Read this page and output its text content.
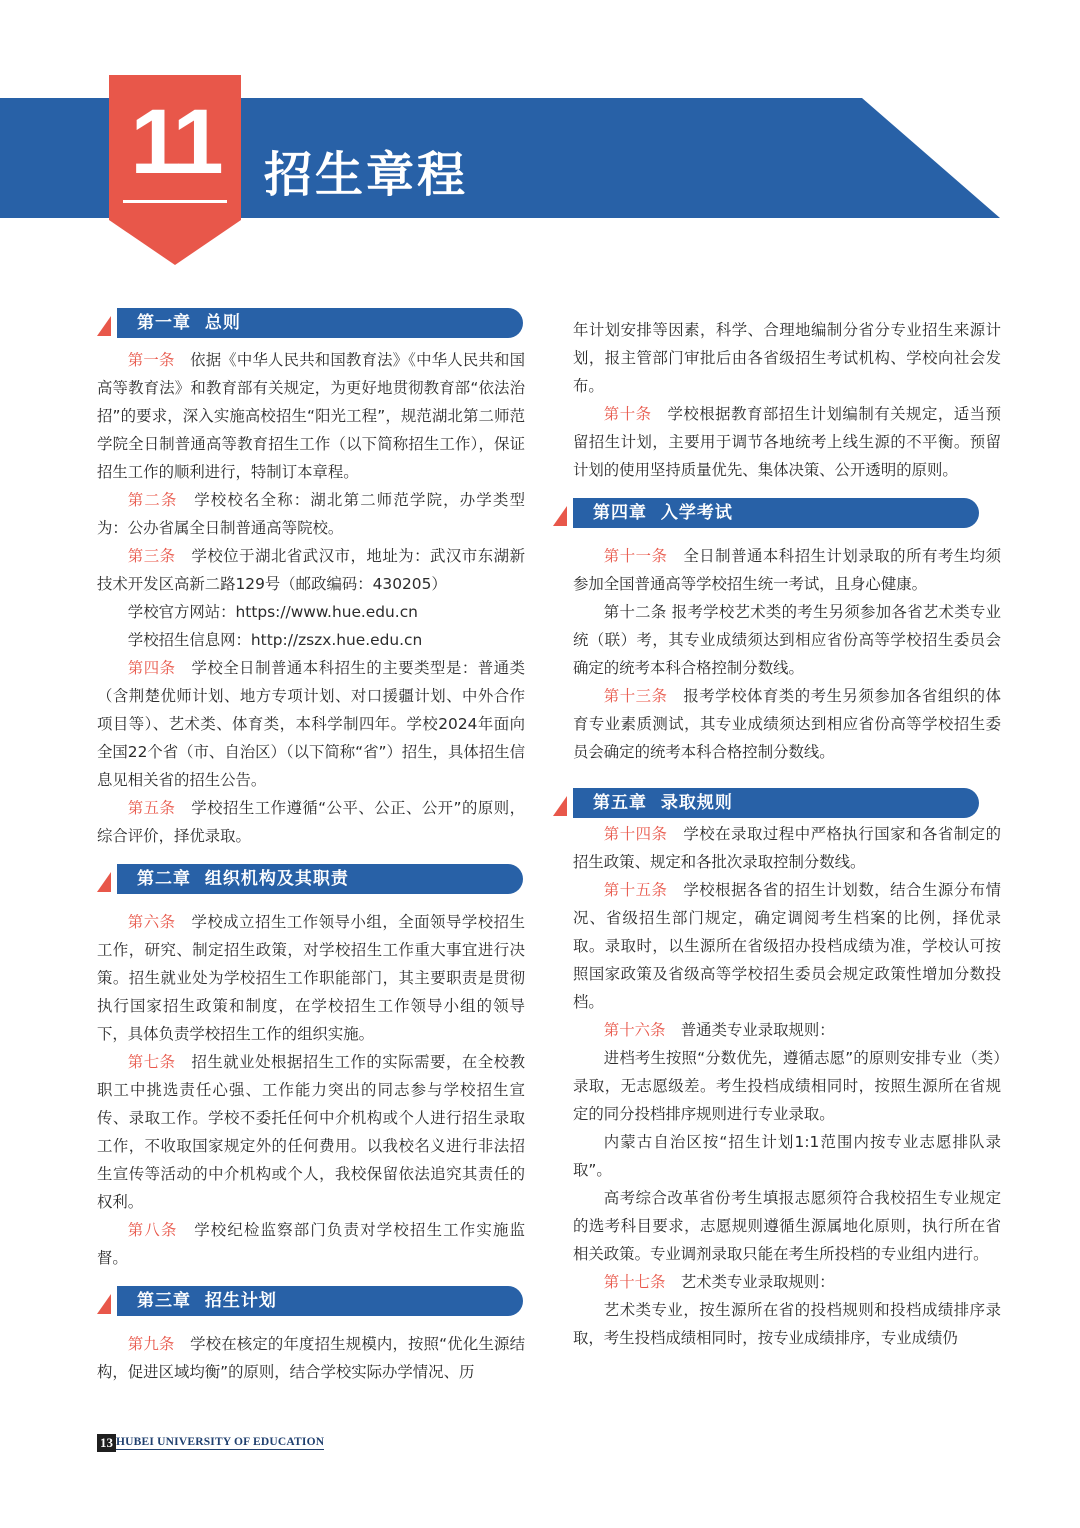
11 招生章程
第一章  总则

第一条　 依据《中华人民共和国教育法》《中华人民共和国高等教育法》和教育部有关规定，为更好地贯彻教育部“依法治招”的要求，深入实施高校招生“阳光工程”，规范湖北第二师范学院全日制普通高等教育招生工作（以下简称招生工作），保证招生工作的顺利进行，特制订本章程。

第二条　 学校校名全称：湖北第二师范学院，办学类型为：公办省属全日制普通高等院校。

第三条　 学校位于湖北省武汉市，地址为：武汉市东湖新技术开发区高新二路129号（邮政编码：430205）

学校官方网站：https://www.hue.edu.cn

学校招生信息网：http://zszx.hue.edu.cn

第四条　 学校全日制普通本科招生的主要类型是：普通类（含荆楚优师计划、地方专项计划、对口援疆计划、中外合作项目等）、艺术类、体育类，本科学制四年。学校2024年面向全国22个省（市、自治区）（以下简称“省”）招生，具体招生信息见相关省的招生公告。

第五条　 学校招生工作遵循“公平、公正、公开”的原则，综合评价，择优录取。

第二章  组织机构及其职责

第六条　 学校成立招生工作领导小组，全面领导学校招生工作，研究、制定招生政策，对学校招生工作重大事宜进行决策。招生就业处为学校招生工作职能部门，其主要职责是贯彻执行国家招生政策和制度，在学校招生工作领导小组的领导下，具体负责学校招生工作的组织实施。

第七条　 招生就业处根据招生工作的实际需要，在全校教职工中挑选责任心强、工作能力突出的同志参与学校招生宣传、录取工作。学校不委托任何中介机构或个人进行招生录取工作，不收取国家规定外的任何费用。以我校名义进行非法招生宣传等活动的中介机构或个人，我校保留依法追究其责任的权利。

第八条　 学校纪检监察部门负责对学校招生工作实施监督。

第三章  招生计划

第九条　 学校在核定的年度招生规模内，按照“优化生源结构，促进区域均衡”的原则，结合学校实际办学情况、历

年计划安排等因素，科学、合理地编制分省分专业招生来源计划，报主管部门审批后由各省级招生考试机构、学校向社会发布。

第十条　 学校根据教育部招生计划编制有关规定，适当预留招生计划，主要用于调节各地统考上线生源的不平衡。预留计划的使用坚持质量优先、集体决策、公开透明的原则。

第四章  入学考试

第十一条　 全日制普通本科招生计划录取的所有考生均须参加全国普通高等学校招生统一考试，且身心健康。

第十二条 报考学校艺术类的考生另须参加各省艺术类专业统（联）考，其专业成绩须达到相应省份高等学校招生委员会确定的统考本科合格控制分数线。

第十三条　 报考学校体育类的考生另须参加各省组织的体育专业素质测试，其专业成绩须达到相应省份高等学校招生委员会确定的统考本科合格控制分数线。

第五章  录取规则

第十四条　 学校在录取过程中严格执行国家和各省制定的招生政策、规定和各批次录取控制分数线。

第十五条　 学校根据各省的招生计划数，结合生源分布情况、省级招生部门规定，确定调阅考生档案的比例，择优录取。录取时，以生源所在省级招办投档成绩为准，学校认可按照国家政策及省级高等学校招生委员会规定政策性增加分数投档。

第十六条　 普通类专业录取规则：

进档考生按照“分数优先，遵循志愿”的原则安排专业（类）录取，无志愿级差。考生投档成绩相同时，按照生源所在省规定的同分投档排序规则进行专业录取。

内蒙古自治区按“招生计划1:1范围内按专业志愿排队录取”。

高考综合改革省份考生填报志愿须符合我校招生专业规定的选考科目要求，志愿规则遵循生源属地化原则，执行所在省相关政策。专业调剂录取只能在考生所投档的专业组内进行。

第十七条　 艺术类专业录取规则：

艺术类专业，按生源所在省的投档规则和投档成绩排序录取，考生投档成绩相同时，按专业成绩排序，专业成绩仍

13 HUBEI UNIVERSITY OF EDUCATION
